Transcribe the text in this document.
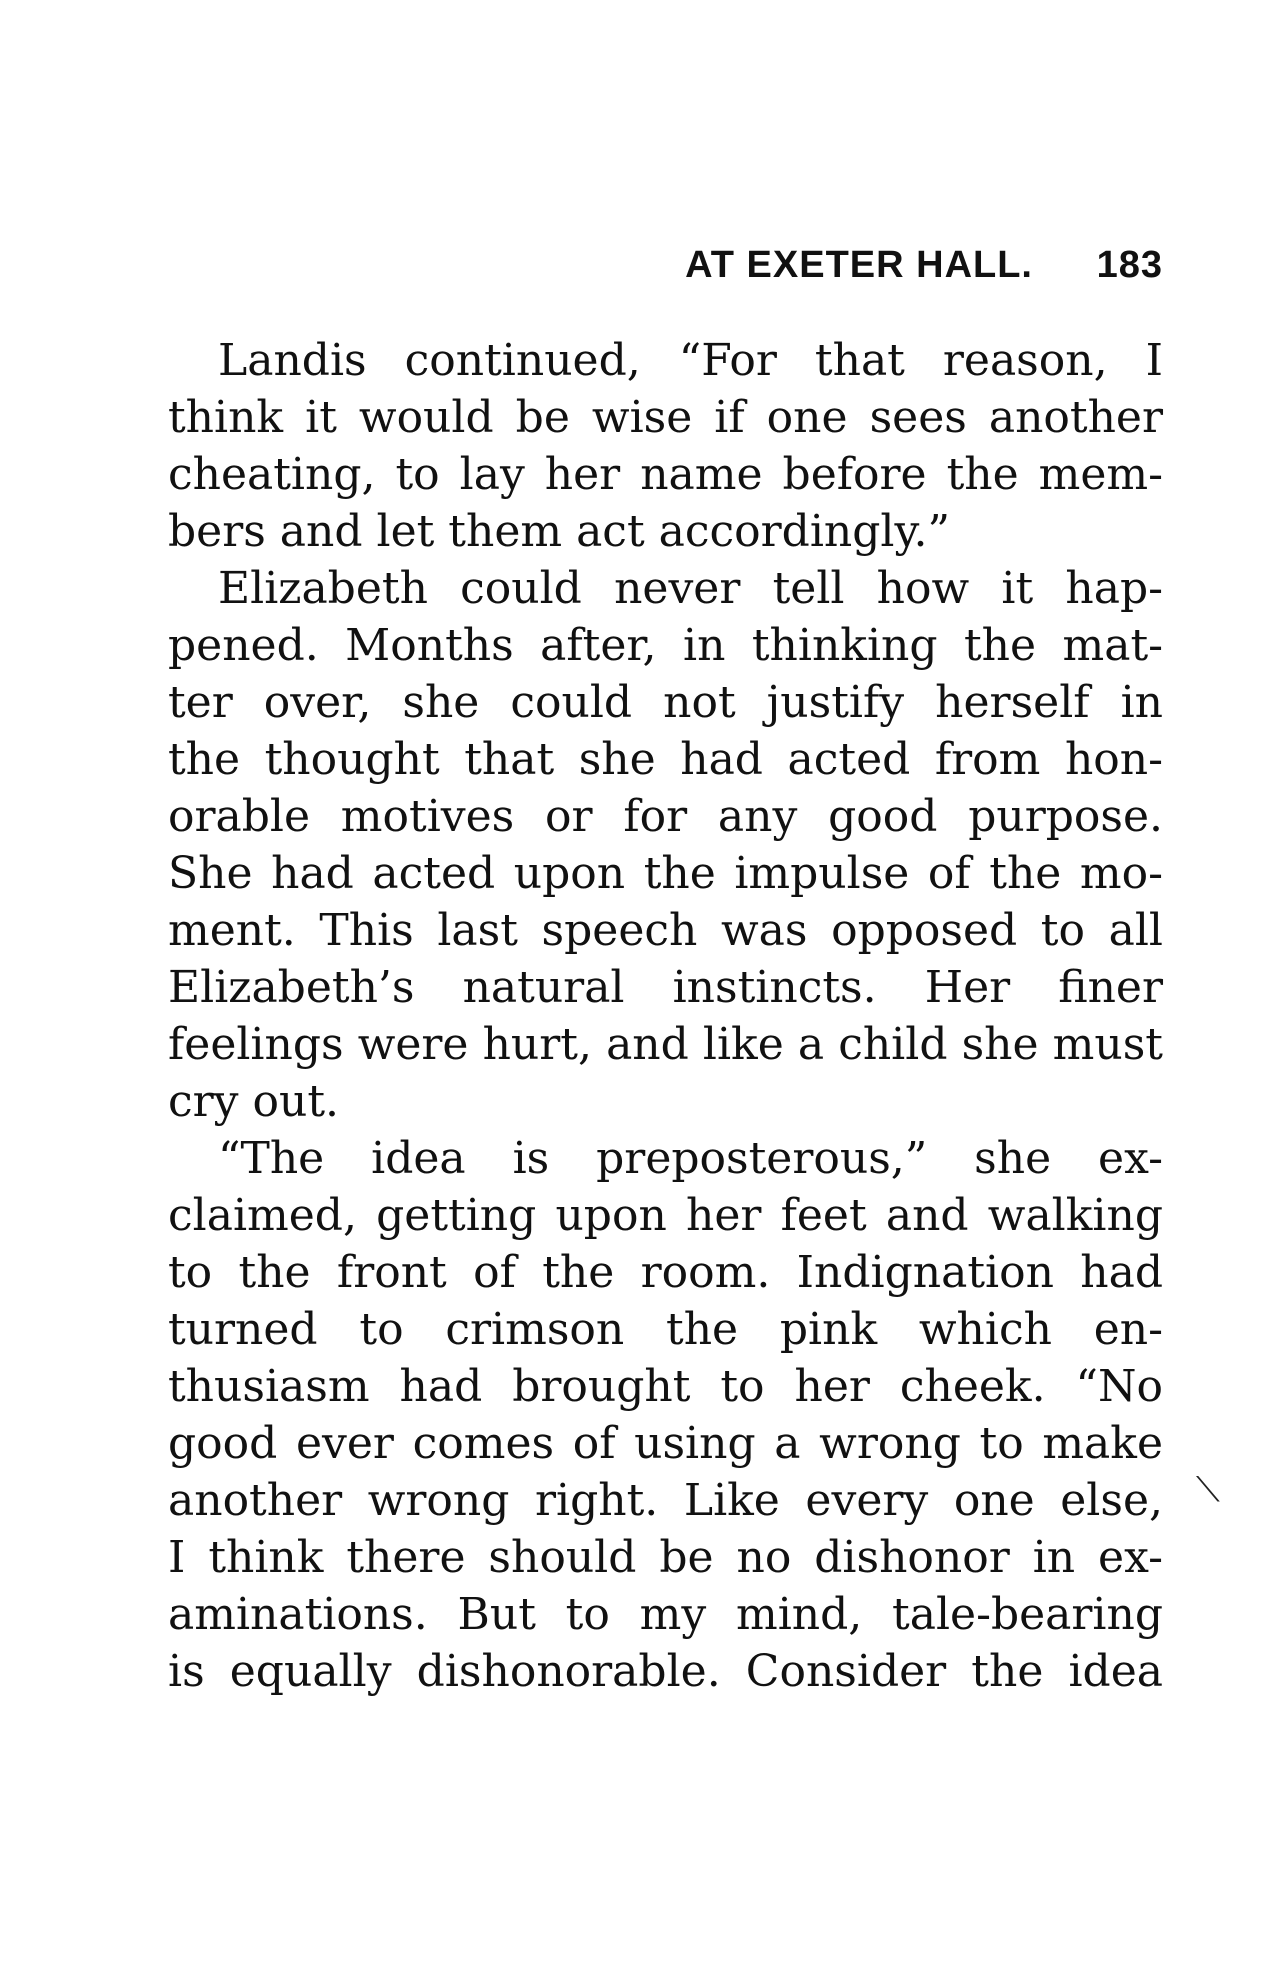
AT EXETER HALL. 183
Landis continued, “For that reason, I
think it would be wise if one sees another
cheating, to lay her name before the mem-
bers and let them act accordingly.”
Elizabeth could never tell how it hap-
pened. Months after, in thinking the mat-
ter over, she could not justify herself in
the thought that she had acted from hon-
orable motives or for any good purpose.
She had acted upon the impulse of the mo-
ment. This last speech was opposed to all
Elizabeth’s natural instincts. Her finer
feelings were hurt, and like a child she must
cry out.
“The idea is preposterous,” she ex-
claimed, getting upon her feet and walking
to the front of the room. Indignation had
turned to crimson the pink which en-
thusiasm had brought to her cheek. “No
good ever comes of using a wrong to make
another wrong right. Like every one else,
I think there should be no dishonor in ex-
aminations. But to my mind, tale-bearing
is equally dishonorable. Consider the idea
⟍
